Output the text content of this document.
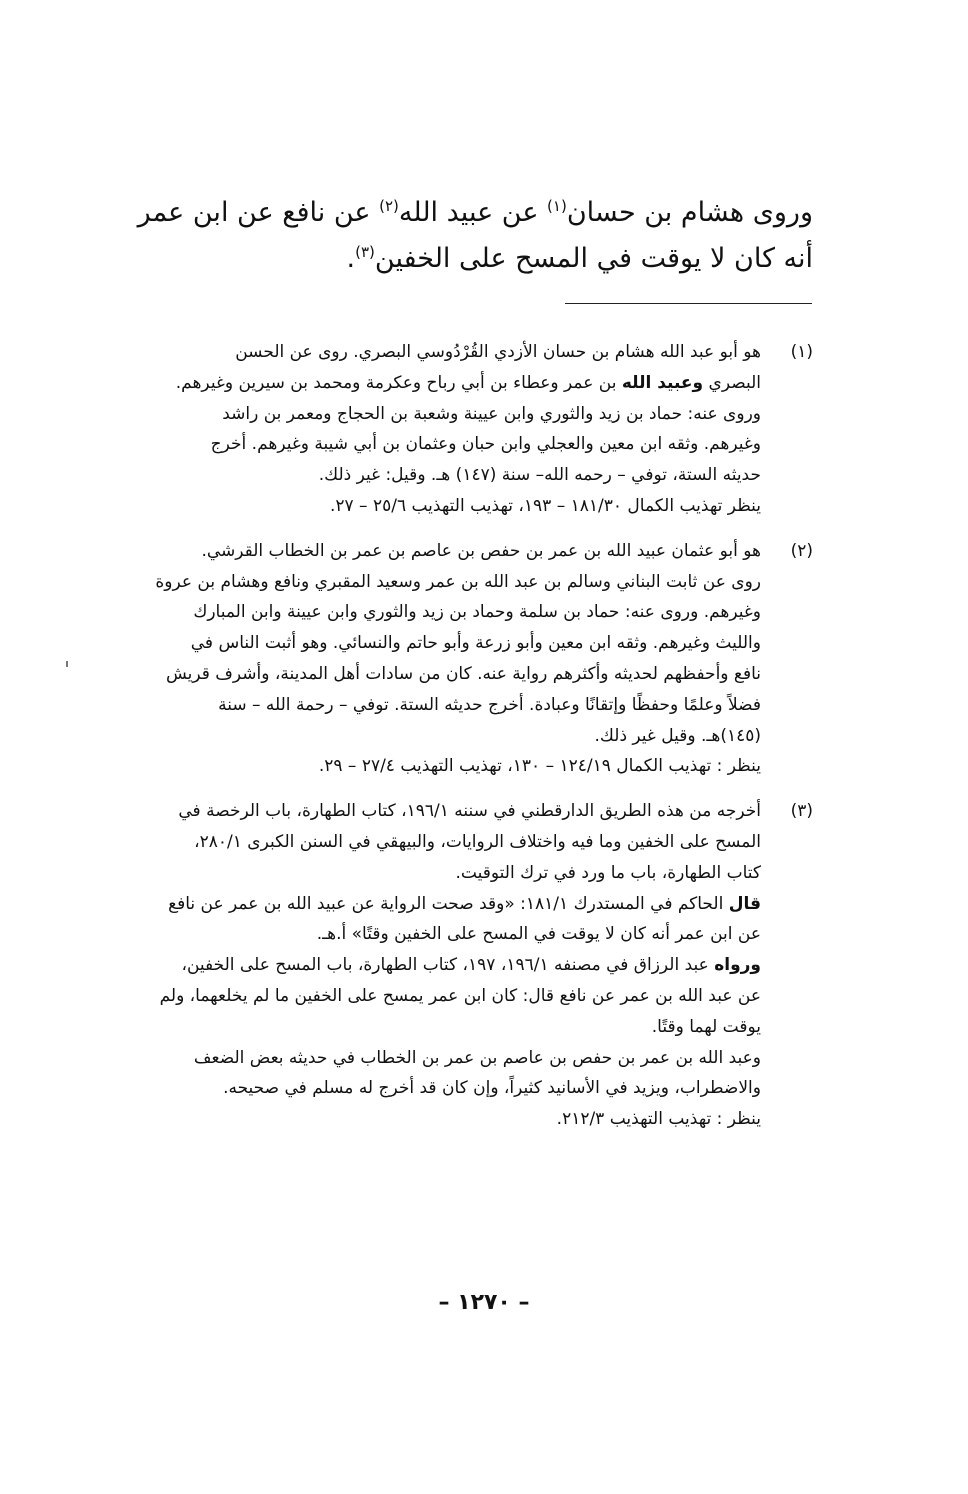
وروى هشام بن حسان$^{(١)}$ عن عبيد الله$^{(٢)}$ عن نافع عن ابن عمر

أنه كان لا يوقت في المسح على الخفين$^{(٣)}$.

(١)

هو أبو عبد الله هشام بن حسان الأزدي القُرْدُوسي البصري. روى عن الحسن

البصري وعبيد الله بن عمر وعطاء بن أبي رباح وعكرمة ومحمد بن سيرين وغيرهم.

وروى عنه: حماد بن زيد والثوري وابن عيينة وشعبة بن الحجاج ومعمر بن راشد

وغيرهم. وثقه ابن معين والعجلي وابن حبان وعثمان بن أبي شيبة وغيرهم. أخرج

حديثه الستة، توفي – رحمه الله– سنة (١٤٧) هـ. وقيل: غير ذلك.

ينظر تهذيب الكمال ١٨١/٣٠ – ١٩٣، تهذيب التهذيب ٢٥/٦ – ٢٧.

(٢)

هو أبو عثمان عبيد الله بن عمر بن حفص بن عاصم بن عمر بن الخطاب القرشي.

روى عن ثابت البناني وسالم بن عبد الله بن عمر وسعيد المقبري ونافع وهشام بن عروة

وغيرهم. وروى عنه: حماد بن سلمة وحماد بن زيد والثوري وابن عيينة وابن المبارك

والليث وغيرهم. وثقه ابن معين وأبو زرعة وأبو حاتم والنسائي. وهو أثبت الناس في

نافع وأحفظهم لحديثه وأكثرهم رواية عنه. كان من سادات أهل المدينة، وأشرف قريش

فضلاً وعلمًا وحفظًا وإتقانًا وعبادة. أخرج حديثه الستة. توفي – رحمة الله – سنة

(١٤٥)هـ. وقيل غير ذلك.

ينظر : تهذيب الكمال ١٢٤/١٩ – ١٣٠، تهذيب التهذيب ٢٧/٤ – ٢٩.

(٣)

أخرجه من هذه الطريق الدارقطني في سننه ١٩٦/١، كتاب الطهارة، باب الرخصة في

المسح على الخفين وما فيه واختلاف الروايات، والبيهقي في السنن الكبرى ٢٨٠/١،

كتاب الطهارة، باب ما ورد في ترك التوقيت.

قال الحاكم في المستدرك ١٨١/١: «وقد صحت الرواية عن عبيد الله بن عمر عن نافع

عن ابن عمر أنه كان لا يوقت في المسح على الخفين وقتًا» أ.هـ.

ورواه عبد الرزاق في مصنفه ١٩٦/١، ١٩٧، كتاب الطهارة، باب المسح على الخفين،

عن عبد الله بن عمر عن نافع قال: كان ابن عمر يمسح على الخفين ما لم يخلعهما، ولم

يوقت لهما وقتًا.

وعبد الله بن عمر بن حفص بن عاصم بن عمر بن الخطاب في حديثه بعض الضعف

والاضطراب، ويزيد في الأسانيد كثيراً، وإن كان قد أخرج له مسلم في صحيحه.

ينظر : تهذيب التهذيب ٢١٢/٣.

– ١٢٧٠ –
